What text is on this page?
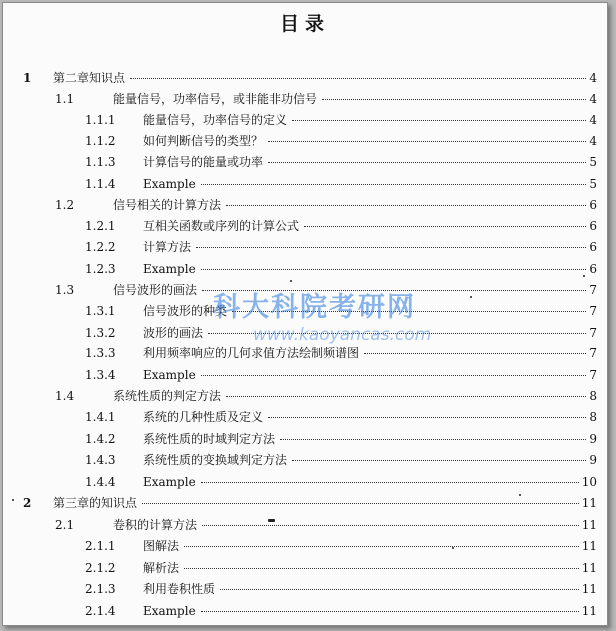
目录
1 第二章知识点	4
1.1	能量信号，功率信号，或非能非功信号	4
1.1.1 能量信号，功率信号的定义	4
1.1.2 如何判断信号的类型？	4
1.1.3 计算信号的能量或功率	5
1.1.4 Example	5
1.2	信号相关的计算方法	6
1.2.1 互相关函数或序列的计算公式	6
1.2.2 计算方法	6
1.2.3 Example	6
1.3	信号波形的画法	7
1.3.1 信号波形的种类	7
1.3.2 波形的画法	7
1.3.3 利用频率响应的几何求值方法绘制频谱图	7
1.3.4 Example	7
1.4	系统性质的判定方法	8
1.4.1 系统的几种性质及定义	8
1.4.2 系统性质的时域判定方法	9
1.4.3 系统性质的变换域判定方法	9
1.4.4 Example	10
2 第三章的知识点	11
2.1	卷积的计算方法	11
2.1.1 图解法	11
2.1.2 解析法	11
2.1.3 利用卷积性质	11
2.1.4 Example	11
科大科院考研网
www.kaoyancas.com
